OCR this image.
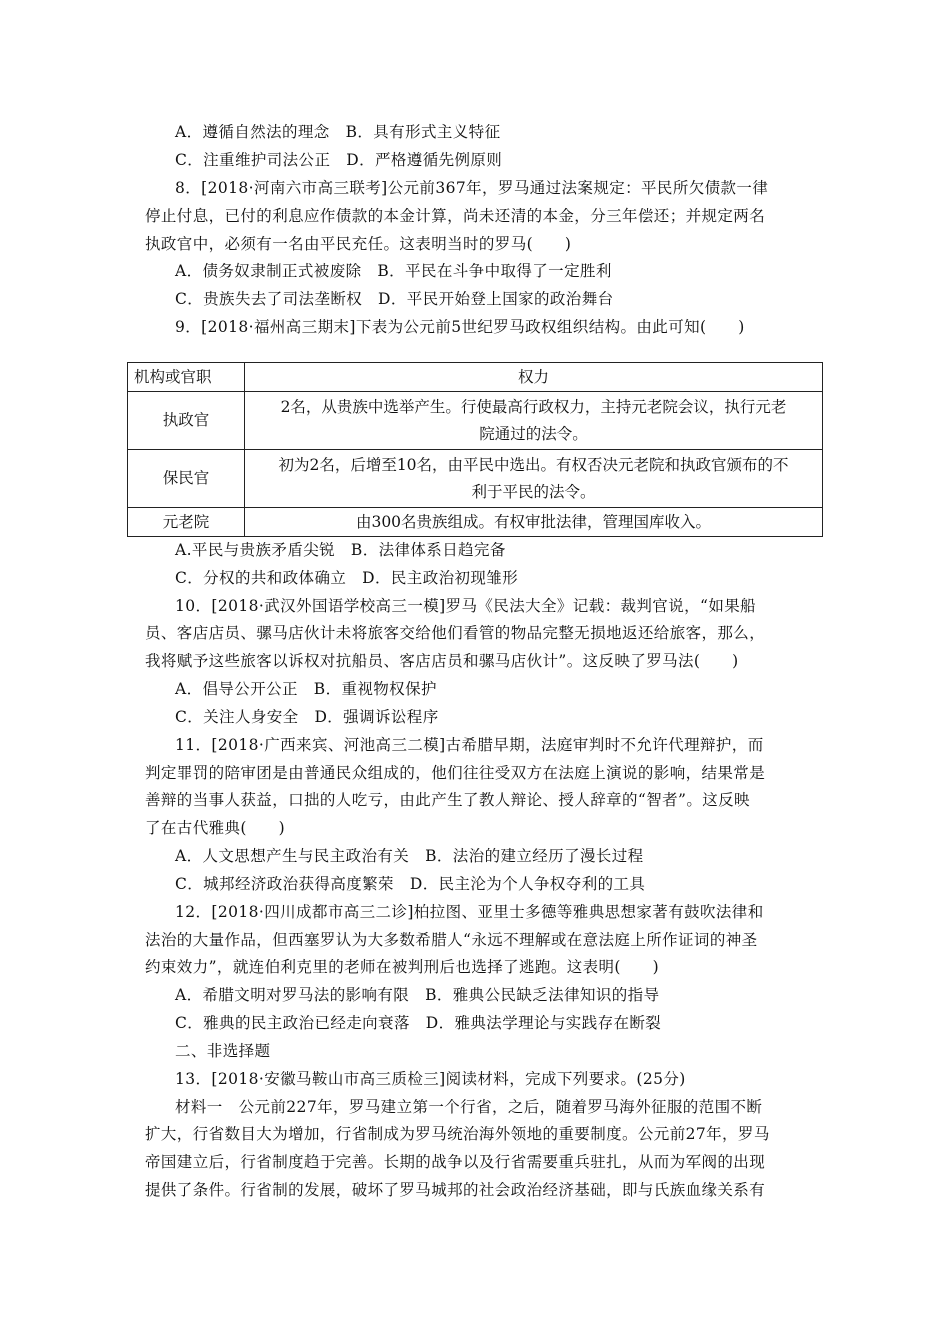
A．遵循自然法的理念　B．具有形式主义特征
C．注重维护司法公正　D．严格遵循先例原则
8．[2018·河南六市高三联考]公元前367年，罗马通过法案规定：平民所欠债款一律
停止付息，已付的利息应作债款的本金计算，尚未还清的本金，分三年偿还；并规定两名
执政官中，必须有一名由平民充任。这表明当时的罗马(　　)
A．债务奴隶制正式被废除　B．平民在斗争中取得了一定胜利
C．贵族失去了司法垄断权　D．平民开始登上国家的政治舞台
9．[2018·福州高三期末]下表为公元前5世纪罗马政权组织结构。由此可知(　　)
机构或官职	权力
执政官	2名，从贵族中选举产生。行使最高行政权力，主持元老院会议，执行元老
院通过的法令。

保民官	初为2名，后增至10名，由平民中选出。有权否决元老院和执政官颁布的不
利于平民的法令。

元老院	由300名贵族组成。有权审批法律，管理国库收入。
A.平民与贵族矛盾尖锐　B．法律体系日趋完备
C．分权的共和政体确立　D．民主政治初现雏形
10．[2018·武汉外国语学校高三一模]罗马《民法大全》记载：裁判官说，“如果船
员、客店店员、骡马店伙计未将旅客交给他们看管的物品完整无损地返还给旅客，那么，
我将赋予这些旅客以诉权对抗船员、客店店员和骡马店伙计”。这反映了罗马法(　　)
A．倡导公开公正　B．重视物权保护
C．关注人身安全　D．强调诉讼程序
11．[2018·广西来宾、河池高三二模]古希腊早期，法庭审判时不允许代理辩护，而
判定罪罚的陪审团是由普通民众组成的，他们往往受双方在法庭上演说的影响，结果常是
善辩的当事人获益，口拙的人吃亏，由此产生了教人辩论、授人辞章的“智者”。这反映
了在古代雅典(　　)
A．人文思想产生与民主政治有关　B．法治的建立经历了漫长过程
C．城邦经济政治获得高度繁荣　D．民主沦为个人争权夺利的工具
12．[2018·四川成都市高三二诊]柏拉图、亚里士多德等雅典思想家著有鼓吹法律和
法治的大量作品，但西塞罗认为大多数希腊人“永远不理解或在意法庭上所作证词的神圣
约束效力”，就连伯利克里的老师在被判刑后也选择了逃跑。这表明(　　)
A．希腊文明对罗马法的影响有限　B．雅典公民缺乏法律知识的指导
C．雅典的民主政治已经走向衰落　D．雅典法学理论与实践存在断裂
二、非选择题
13．[2018·安徽马鞍山市高三质检三]阅读材料，完成下列要求。(25分)
材料一　公元前227年，罗马建立第一个行省，之后，随着罗马海外征服的范围不断
扩大，行省数目大为增加，行省制成为罗马统治海外领地的重要制度。公元前27年，罗马
帝国建立后，行省制度趋于完善。长期的战争以及行省需要重兵驻扎，从而为军阀的出现
提供了条件。行省制的发展，破坏了罗马城邦的社会政治经济基础，即与氏族血缘关系有
